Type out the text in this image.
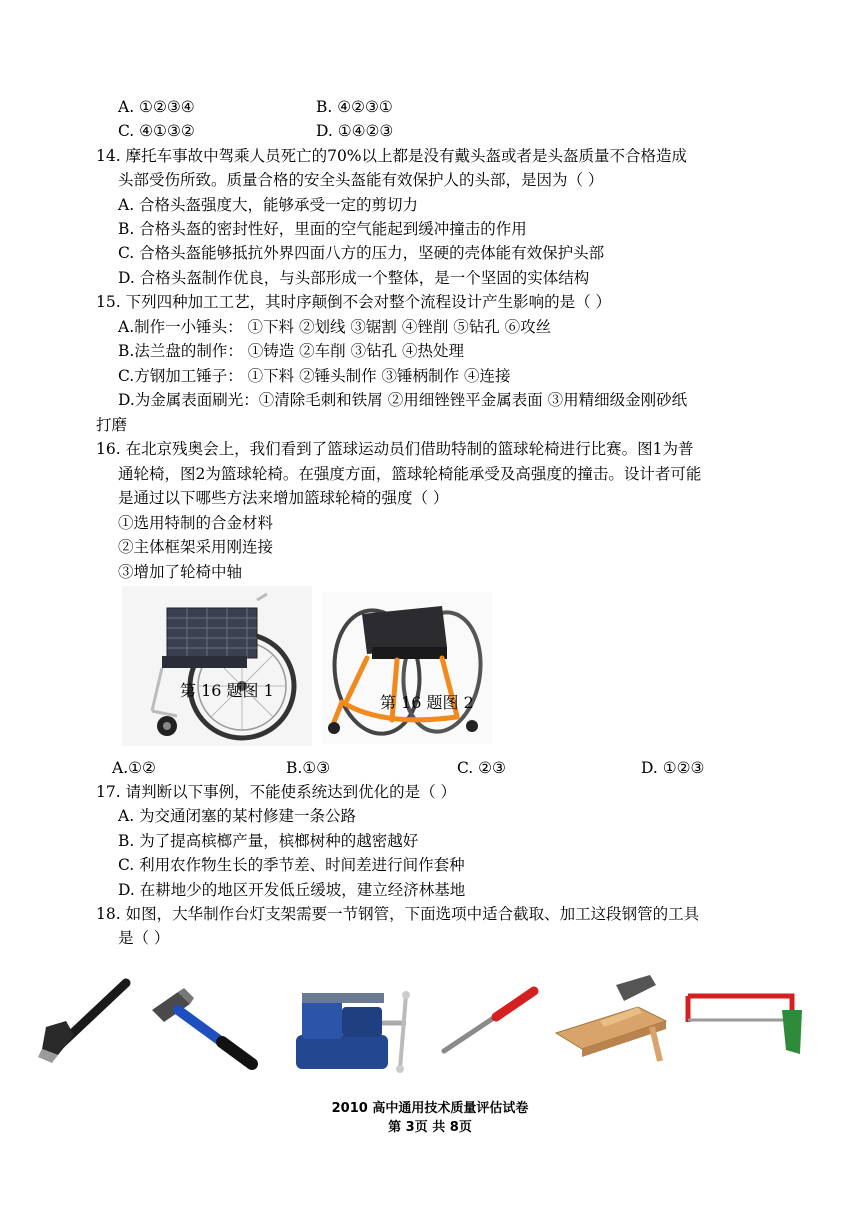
A. ①②③④	B. ④②③①
C. ④①③②	D. ①④②③
14. 摩托车事故中驾乘人员死亡的70%以上都是没有戴头盔或者是头盔质量不合格造成
头部受伤所致。质量合格的安全头盔能有效保护人的头部，是因为（ ）
A. 合格头盔强度大，能够承受一定的剪切力
B. 合格头盔的密封性好，里面的空气能起到缓冲撞击的作用
C. 合格头盔能够抵抗外界四面八方的压力，坚硬的壳体能有效保护头部
D. 合格头盔制作优良，与头部形成一个整体，是一个坚固的实体结构
15. 下列四种加工工艺，其时序颠倒不会对整个流程设计产生影响的是（ ）
A.制作一小锤头： ①下料 ②划线 ③锯割 ④锉削 ⑤钻孔 ⑥攻丝
B.法兰盘的制作： ①铸造 ②车削 ③钻孔 ④热处理
C.方钢加工锤子： ①下料 ②锤头制作 ③锤柄制作 ④连接
D.为金属表面刷光：①清除毛刺和铁屑 ②用细锉锉平金属表面 ③用精细级金刚砂纸
打磨
16. 在北京残奥会上，我们看到了篮球运动员们借助特制的篮球轮椅进行比赛。图1为普
通轮椅，图2为篮球轮椅。在强度方面，篮球轮椅能承受及高强度的撞击。设计者可能
是通过以下哪些方法来增加篮球轮椅的强度（ ）
①选用特制的合金材料
②主体框架采用刚连接
③增加了轮椅中轴
第 16 题图 1
第 16 题图 2
A.①②	B.①③	C. ②③	D. ①②③
17. 请判断以下事例，不能使系统达到优化的是（ ）
A. 为交通闭塞的某村修建一条公路
B. 为了提高槟榔产量，槟榔树种的越密越好
C. 利用农作物生长的季节差、时间差进行间作套种
D. 在耕地少的地区开发低丘缓坡，建立经济林基地
18. 如图，大华制作台灯支架需要一节钢管，下面选项中适合截取、加工这段钢管的工具
是（ ）
2010 高中通用技术质量评估试卷
第 3页 共 8页
